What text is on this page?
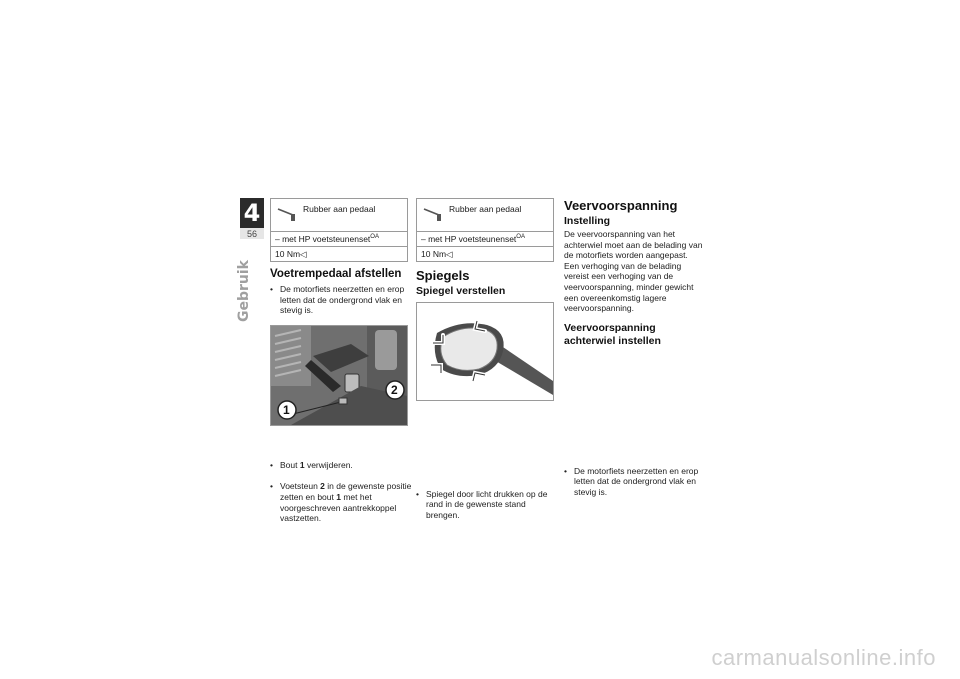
4
56
Gebruik
Rubber aan pedaal
– met HP voetsteunenset$^{OA}$
10 Nm◁
Voetrempedaal afstellen
• De motorfiets neerzetten en erop letten dat de ondergrond vlak en stevig is.
1
2
• Bout 1 verwijderen.
• Voetsteun 2 in de gewenste positie zetten en bout 1 met het voorgeschreven aantrekkoppel vastzetten.
Rubber aan pedaal
– met HP voetsteunenset$^{OA}$
10 Nm◁
Spiegels
Spiegel verstellen
• Spiegel door licht drukken op de rand in de gewenste stand brengen.
Veervoorspanning
Instelling
De veervoorspanning van het achterwiel moet aan de belading van de motorfiets worden aangepast. Een verhoging van de belading vereist een verhoging van de veervoorspanning, minder gewicht een overeenkomstig lagere veervoorspanning.
Veervoorspanning achterwiel instellen
• De motorfiets neerzetten en erop letten dat de ondergrond vlak en stevig is.
carmanualsonline.info
